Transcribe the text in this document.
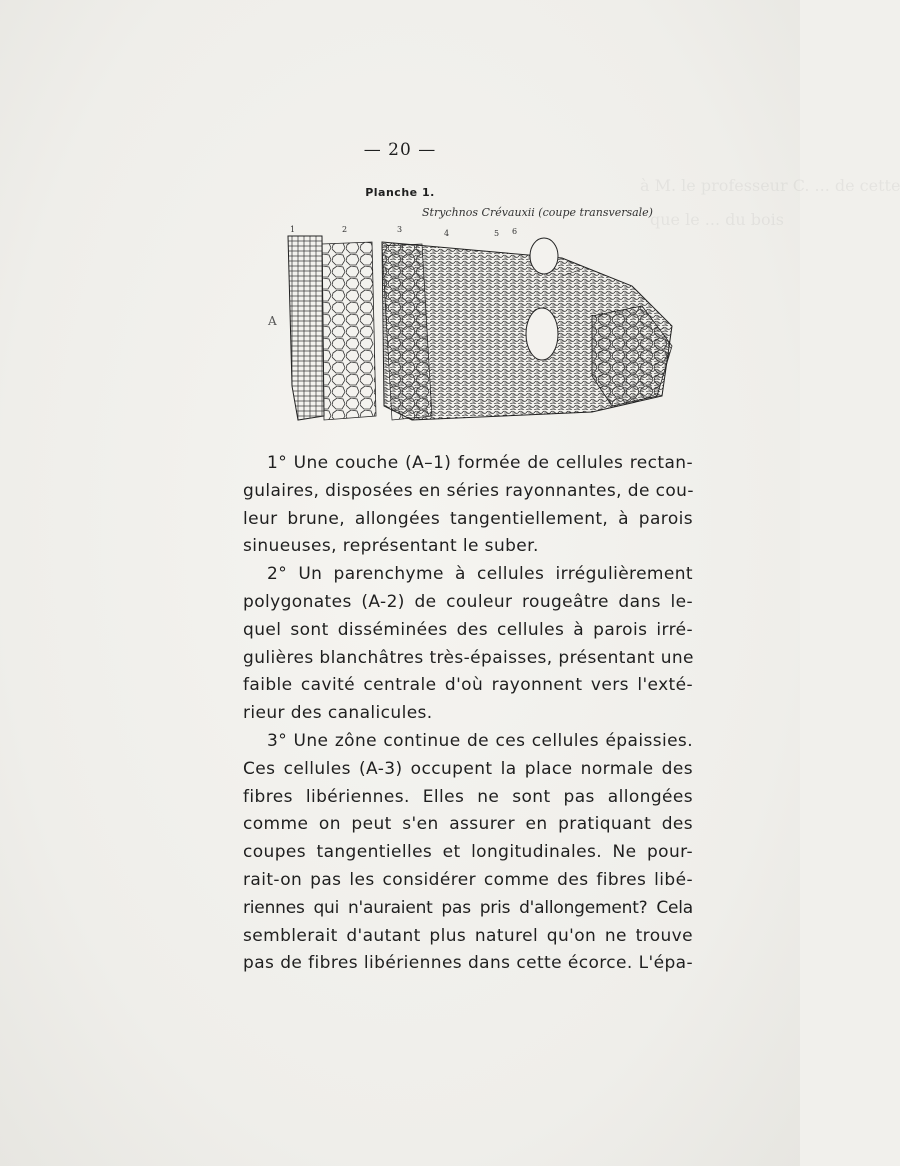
à M. le professeur C. ... de cette
que le ... du bois
— 20 —
Planche 1.
Strychnos Crévauxii (coupe transversale)
A
1	2	3	4	5 6
1° Une couche (A–1) formée de cellules rectan-
gulaires, disposées en séries rayonnantes, de cou-
leur brune, allongées tangentiellement, à parois
sinueuses, représentant le suber.
2° Un parenchyme à cellules irrégulièrement
polygonates (A-2) de couleur rougeâtre dans le-
quel sont disséminées des cellules à parois irré-
gulières blanchâtres très-épaisses, présentant une
faible cavité centrale d'où rayonnent vers l'exté-
rieur des canalicules.
3° Une zône continue de ces cellules épaissies.
Ces cellules (A-3) occupent la place normale des
fibres libériennes. Elles ne sont pas allongées
comme on peut s'en assurer en pratiquant des
coupes tangentielles et longitudinales. Ne pour-
rait-on pas les considérer comme des fibres libé-
riennes qui n'auraient pas pris d'allongement? Cela
semblerait d'autant plus naturel qu'on ne trouve
pas de fibres libériennes dans cette écorce. L'épa-
